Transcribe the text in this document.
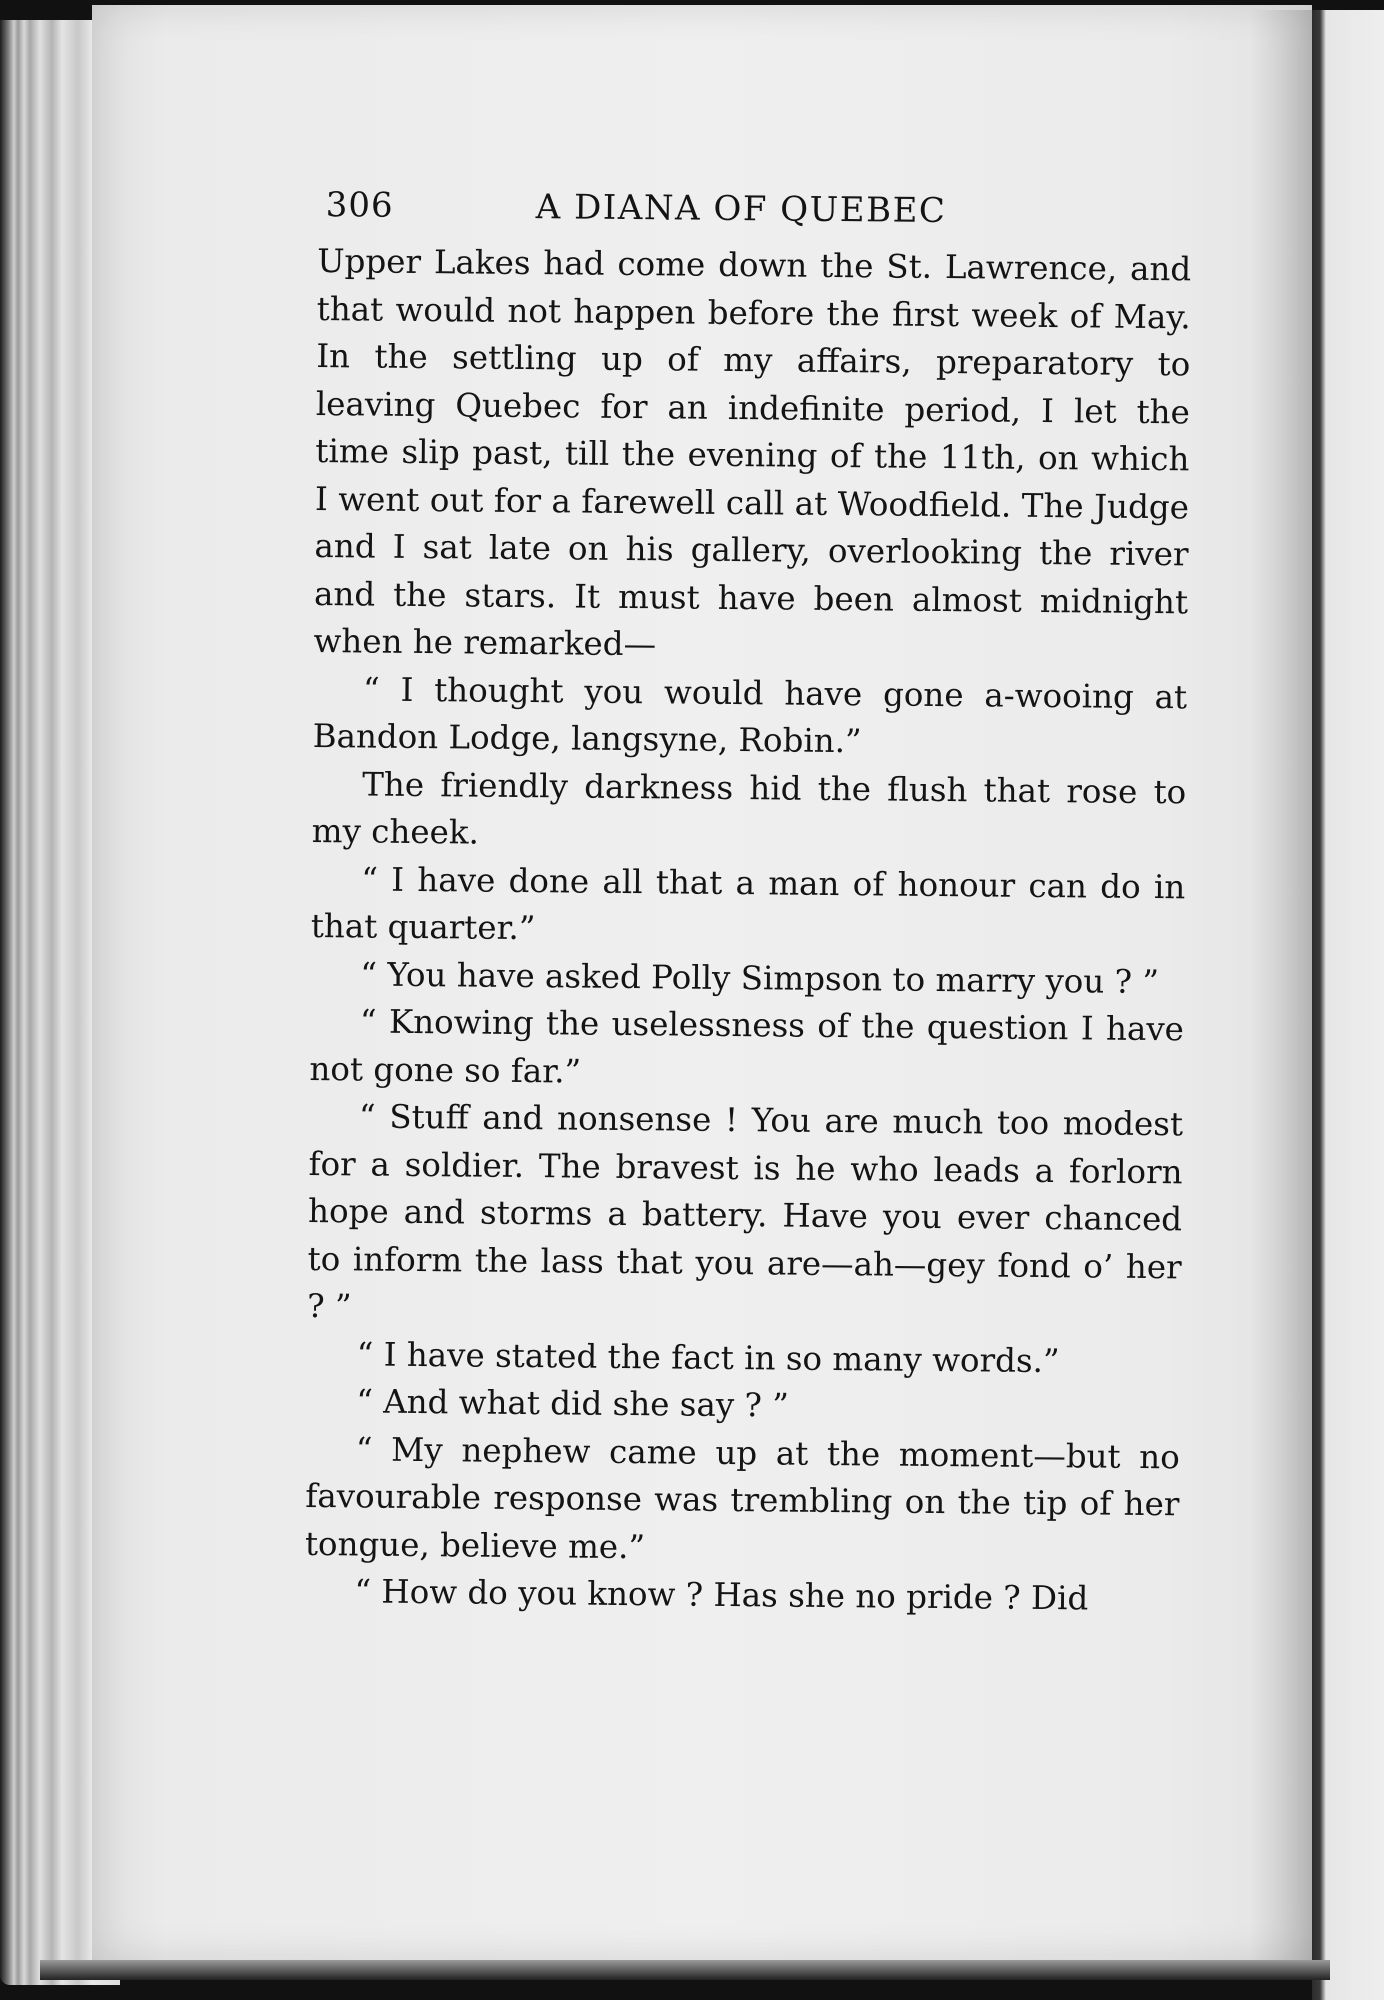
306	A DIANA OF QUEBEC

Upper Lakes had come down the St. Lawrence, and that would not happen before the first week of May. In the settling up of my affairs, preparatory to leaving Quebec for an indefinite period, I let the time slip past, till the evening of the 11th, on which I went out for a farewell call at Woodfield. The Judge and I sat late on his gallery, overlooking the river and the stars. It must have been almost midnight when he remarked—

“ I thought you would have gone a-wooing at Bandon Lodge, langsyne, Robin.”

The friendly darkness hid the flush that rose to my cheek.

“ I have done all that a man of honour can do in that quarter.”

“ You have asked Polly Simpson to marry you ? ”

“ Knowing the uselessness of the question I have not gone so far.”

“ Stuff and nonsense ! You are much too modest for a soldier. The bravest is he who leads a forlorn hope and storms a battery. Have you ever chanced to inform the lass that you are—ah—gey fond o’ her ? ”

“ I have stated the fact in so many words.”

“ And what did she say ? ”

“ My nephew came up at the moment—but no favourable response was trembling on the tip of her tongue, believe me.”

“ How do you know ? Has she no pride ? Did
